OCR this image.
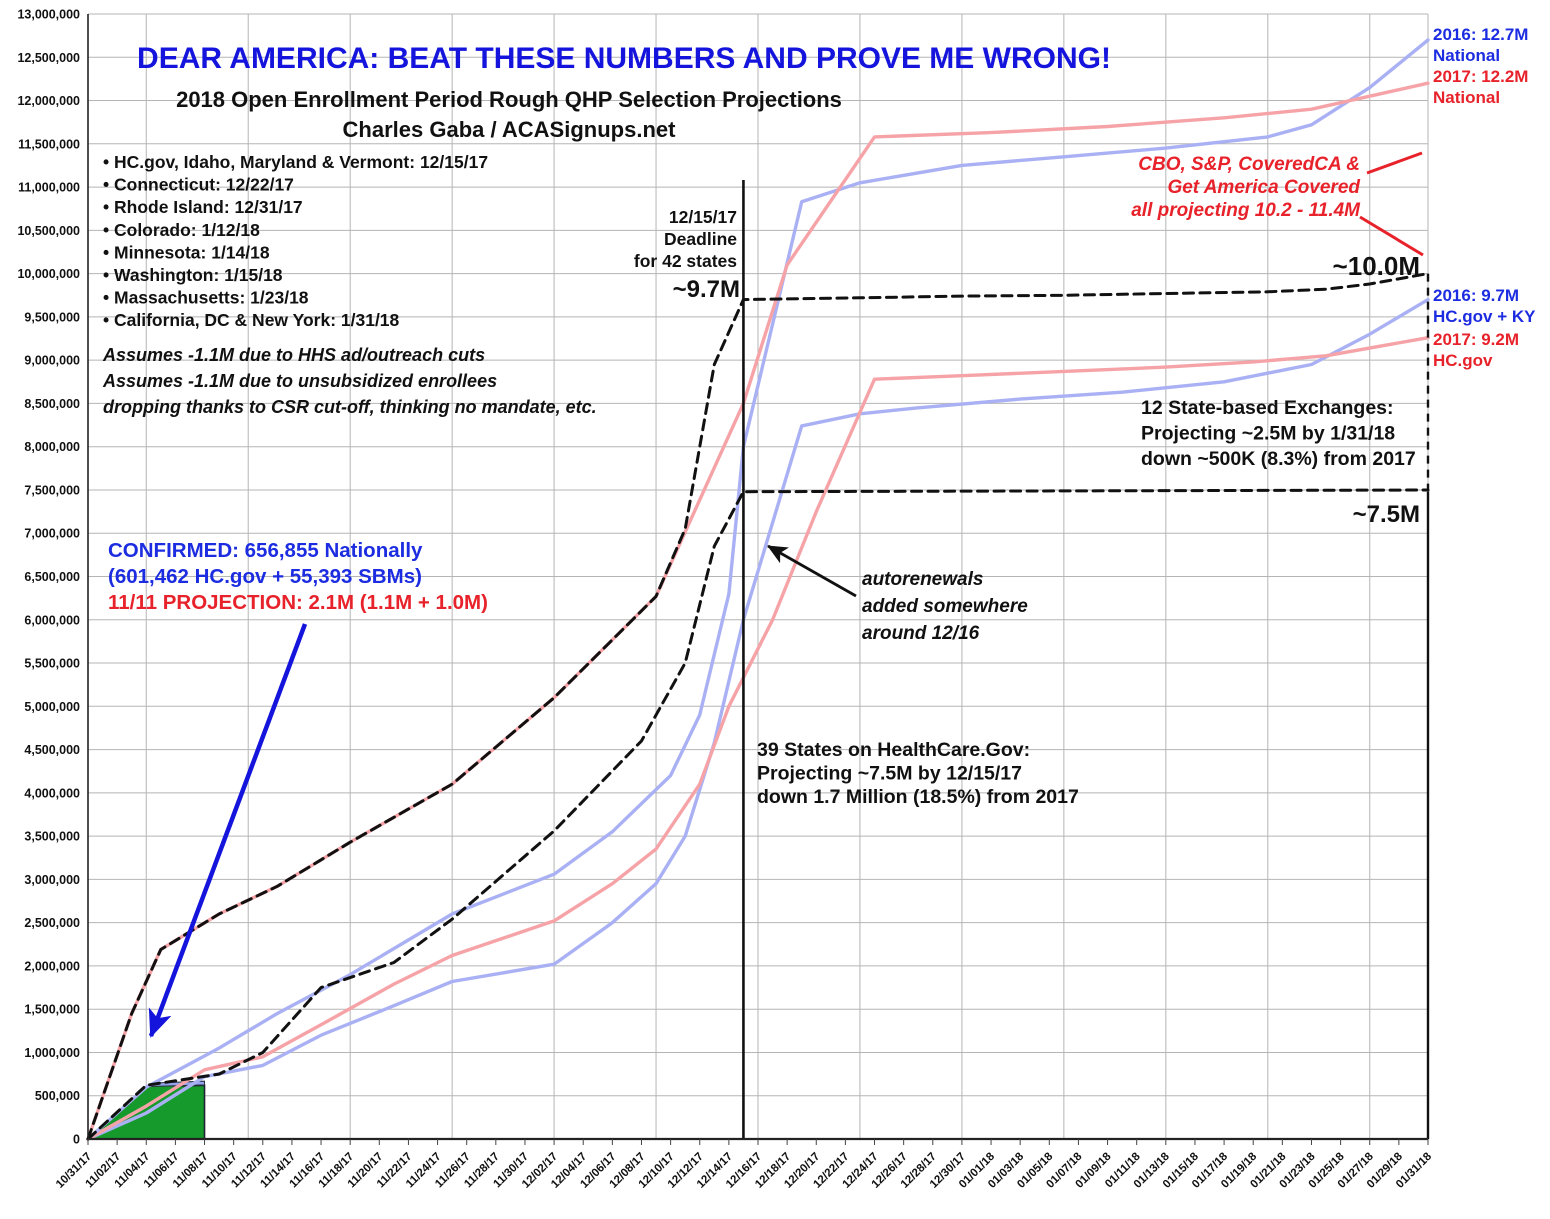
0
500,000
1,000,000
1,500,000
2,000,000
2,500,000
3,000,000
3,500,000
4,000,000
4,500,000
5,000,000
5,500,000
6,000,000
6,500,000
7,000,000
7,500,000
8,000,000
8,500,000
9,000,000
9,500,000
10,000,000
10,500,000
11,000,000
11,500,000
12,000,000
12,500,000
13,000,000
10/31/17
11/02/17
11/04/17
11/06/17
11/08/17
11/10/17
11/12/17
11/14/17
11/16/17
11/18/17
11/20/17
11/22/17
11/24/17
11/26/17
11/28/17
11/30/17
12/02/17
12/04/17
12/06/17
12/08/17
12/10/17
12/12/17
12/14/17
12/16/17
12/18/17
12/20/17
12/22/17
12/24/17
12/26/17
12/28/17
12/30/17
01/01/18
01/03/18
01/05/18
01/07/18
01/09/18
01/11/18
01/13/18
01/15/18
01/17/18
01/19/18
01/21/18
01/23/18
01/25/18
01/27/18
01/29/18
01/31/18
DEAR AMERICA: BEAT THESE NUMBERS AND PROVE ME WRONG!
2018 Open Enrollment Period Rough QHP Selection Projections
Charles Gaba / ACASignups.net
• HC.gov, Idaho, Maryland & Vermont: 12/15/17
• Connecticut: 12/22/17
• Rhode Island: 12/31/17
• Colorado: 1/12/18
• Minnesota: 1/14/18
• Washington: 1/15/18
• Massachusetts: 1/23/18
• California, DC & New York: 1/31/18
Assumes -1.1M due to HHS ad/outreach cuts
Assumes -1.1M due to unsubsidized enrollees
dropping thanks to CSR cut-off, thinking no mandate, etc.
CONFIRMED: 656,855 Nationally
(601,462 HC.gov + 55,393 SBMs)
11/11 PROJECTION: 2.1M (1.1M + 1.0M)
12/15/17
Deadline
for 42 states
~9.7M
~10.0M
~7.5M
CBO, S&P, CoveredCA &
Get America Covered
all projecting 10.2 - 11.4M
autorenewals
added somewhere
around 12/16
12 State-based Exchanges:
Projecting ~2.5M by 1/31/18
down ~500K (8.3%) from 2017
39 States on HealthCare.Gov:
Projecting ~7.5M by 12/15/17
down 1.7 Million (18.5%) from 2017
2016: 12.7M
National
2017: 12.2M
National
2016: 9.7M
HC.gov + KY
2017: 9.2M
HC.gov
